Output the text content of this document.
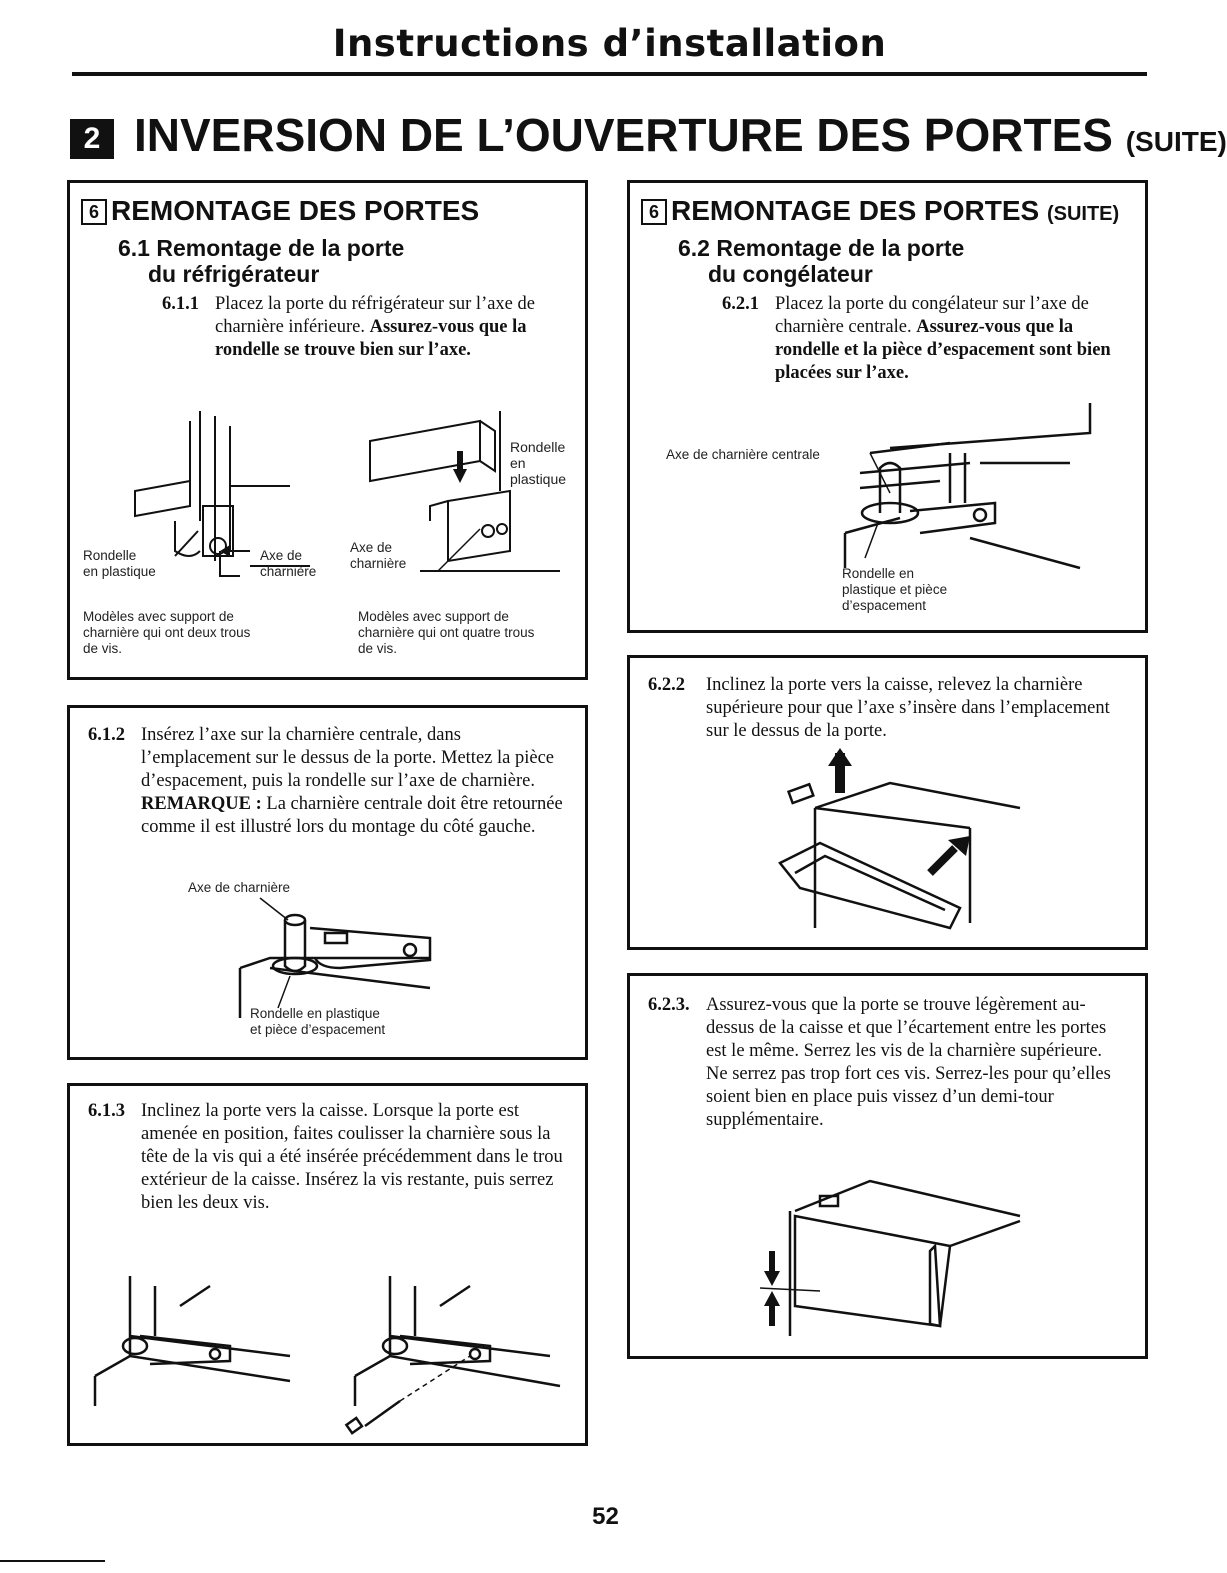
Instructions d’installation
2 INVERSION DE L’OUVERTURE DES PORTES (SUITE)
6 REMONTAGE DES PORTES
6.1 Remontage de la porte
du réfrigérateur
6.1.1 Placez la porte du réfrigérateur sur l’axe de charnière inférieure. Assurez-vous que la rondelle se trouve bien sur l’axe.
Rondelle
en plastique
Axe de
charnière
Modèles avec support de
charnière qui ont deux trous
de vis.
Rondelle
en
plastique
Axe de
charnière
Modèles avec support de
charnière qui ont quatre trous
de vis.
6.1.2 Insérez l’axe sur la charnière centrale, dans l’emplacement sur le dessus de la porte. Mettez la pièce d’espacement, puis la rondelle sur l’axe de charnière. REMARQUE : La charnière centrale doit être retournée comme il est illustré lors du montage du côté gauche.
Axe de charnière
Rondelle en plastique
et pièce d’espacement
6.1.3 Inclinez la porte vers la caisse. Lorsque la porte est amenée en position, faites coulisser la charnière sous la tête de la vis qui a été insérée précédemment dans le trou extérieur de la caisse. Insérez la vis restante, puis serrez bien les deux vis.
6 REMONTAGE DES PORTES (SUITE)
6.2 Remontage de la porte
du congélateur
6.2.1 Placez la porte du congélateur sur l’axe de charnière centrale. Assurez-vous que la rondelle et la pièce d’espacement sont bien placées sur l’axe.
Axe de charnière centrale
Rondelle en
plastique et pièce
d’espacement
6.2.2	Inclinez la porte vers la caisse, relevez la charnière supérieure pour que l’axe s’insère dans l’emplacement sur le dessus de la porte.
6.2.3. Assurez-vous que la porte se trouve légèrement au-dessus de la caisse et que l’écartement entre les portes est le même. Serrez les vis de la charnière supérieure. Ne serrez pas trop fort ces vis. Serrez-les pour qu’elles soient bien en place puis vissez d’un demi-tour supplémentaire.
52
